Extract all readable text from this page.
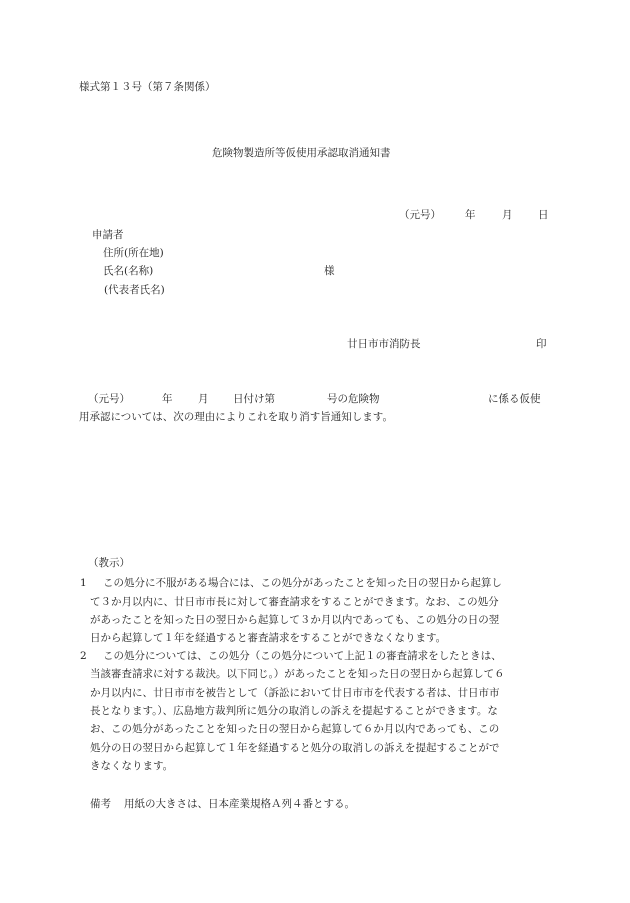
様式第１３号（第７条関係）
危険物製造所等仮使用承認取消通知書
（元号） 年	月 日
申請者
住所(所在地)
氏名(名称)	様
(代表者氏名)
廿日市市消防長	印
（元号）	年 月 日付け第	号の危険物	に係る仮使
用承認については、次の理由によりこれを取り消す旨通知します。
（教示）
1 この処分に不服がある場合には、この処分があったことを知った日の翌日から起算し
て３か月以内に、廿日市市長に対して審査請求をすることができます。なお、この処分
があったことを知った日の翌日から起算して３か月以内であっても、この処分の日の翌
日から起算して１年を経過すると審査請求をすることができなくなります。
2 この処分については、この処分（この処分について上記１の審査請求をしたときは、
当該審査請求に対する裁決。以下同じ。）があったことを知った日の翌日から起算して６
か月以内に、廿日市市を被告として（訴訟において廿日市市を代表する者は、廿日市市
長となります。）、広島地方裁判所に処分の取消しの訴えを提起することができます。な
お、この処分があったことを知った日の翌日から起算して６か月以内であっても、この
処分の日の翌日から起算して１年を経過すると処分の取消しの訴えを提起することがで
きなくなります。
備考 用紙の大きさは、日本産業規格Ａ列４番とする。
